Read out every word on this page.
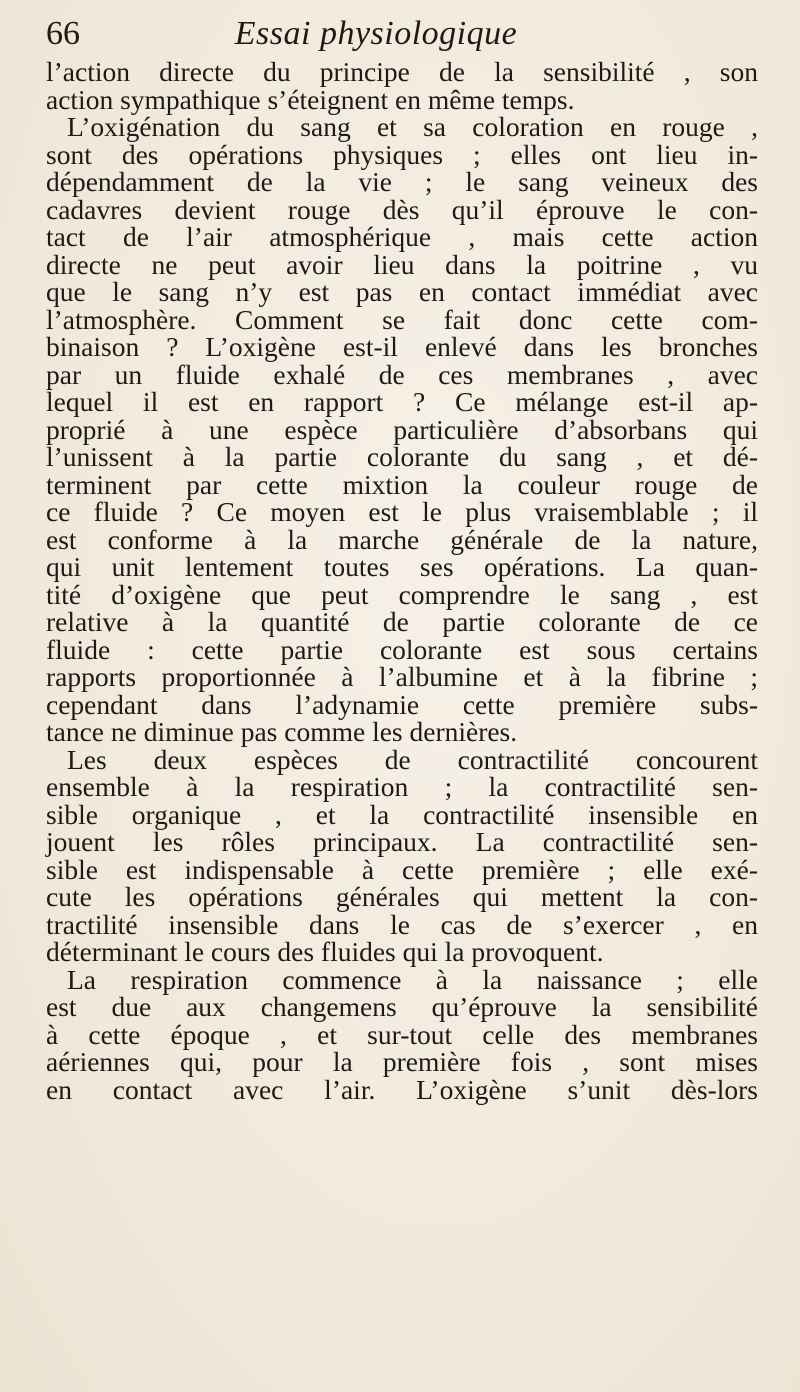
66	Essai physiologique
l’action directe du principe de la sensibilité , son
action sympathique s’éteignent en même temps.
L’oxigénation du sang et sa coloration en rouge ,
sont des opérations physiques ; elles ont lieu in-
dépendamment de la vie ; le sang veineux des
cadavres devient rouge dès qu’il éprouve le con-
tact de l’air atmosphérique , mais cette action
directe ne peut avoir lieu dans la poitrine , vu
que le sang n’y est pas en contact immédiat avec
l’atmosphère. Comment se fait donc cette com-
binaison ? L’oxigène est-il enlevé dans les bronches
par un fluide exhalé de ces membranes , avec
lequel il est en rapport ? Ce mélange est-il ap-
proprié à une espèce particulière d’absorbans qui
l’unissent à la partie colorante du sang , et dé-
terminent par cette mixtion la couleur rouge de
ce fluide ? Ce moyen est le plus vraisemblable ; il
est conforme à la marche générale de la nature,
qui unit lentement toutes ses opérations. La quan-
tité d’oxigène que peut comprendre le sang , est
relative à la quantité de partie colorante de ce
fluide : cette partie colorante est sous certains
rapports proportionnée à l’albumine et à la fibrine ;
cependant dans l’adynamie cette première subs-
tance ne diminue pas comme les dernières.
Les deux espèces de contractilité concourent
ensemble à la respiration ; la contractilité sen-
sible organique , et la contractilité insensible en
jouent les rôles principaux. La contractilité sen-
sible est indispensable à cette première ; elle exé-
cute les opérations générales qui mettent la con-
tractilité insensible dans le cas de s’exercer , en
déterminant le cours des fluides qui la provoquent.
La respiration commence à la naissance ; elle
est due aux changemens qu’éprouve la sensibilité
à cette époque , et sur-tout celle des membranes
aériennes qui, pour la première fois , sont mises
en contact avec l’air. L’oxigène s’unit dès-lors
